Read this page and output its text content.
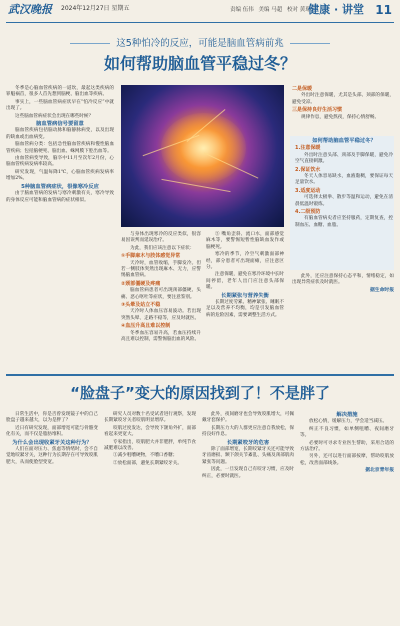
武汉晚报 2024年12月27日 星期五	责编 伍伟 美编 马超 校对 黄璟
健康 · 讲堂 11
这5种怕冷的反应，可能是脑血管病前兆
如何帮助脑血管平稳过冬？

冬季是心脑血管疾病的一道坎，最起这类疾病的罪魁祸首，很多人首先想到脑梗、脑出血等疾病。

事实上，一些脑血管病症状早在“怕冷反应”中就出现了。

这些脑血管病症状会出现在哪些时候？

脑血管病信号要留意

脑血管疾病包括脑动脉和脑静脉病变，以及出现的缺血或出血病变。

脑血管病分类：包括急性脑血管疾病和慢性脑血管疾病；包括脑梗死、脑出血、蛛网膜下腔出血等。

由血管病变导致，脑卒中11月至次年2月份，心脑血管疾病发病率较高。

研究发现，气温每降1℃，心脑血管疾病发病率增加2%。

5种脑血管病症状，很像寒冷反应

由于脑血管病的发病与寒冷刺激有关，寒冷导致的身体反应可能和脑血管病的症状相似。

与身体出现寒冷的反应类似，很容易因误判而延误治疗。

为此，我们应该注意以下症状：

①手脚麻木与肢体感觉异常

天冷时，血管收缩，手脚发冷。但若一侧肢体突然出现麻木、无力，应警惕脑血管病。

②颈部僵硬及疼痛

脑血管病患者可出现颈部僵硬、头痛、恶心呕吐等症状，要注意鉴别。

③头晕及站立不稳

天冷时人体血压容易波动。若出现突然头晕、走路不稳等，应及时就医。

④血压升高且难以控制

冬季血压容易升高，若血压持续升高且难以控制，需警惕脑出血的风险。

⑤ 嘴角歪斜、流口水，面部感觉麻木等，要警惕短暂性脑缺血发作或脑梗死。

寒冷的季节，冷空气刺激面部神经，部分患者可出现面瘫，应注意区分。

注意保暖，避免在寒冷环境中长时间停留，老年人出门应注意头部保暖。

长期紧张与营养失衡

长期过度劳累、精神紧张、睡眠不足以及营养不均衡，均是引发脑血管病的危险因素，需要调整生活方式。

二是保暖

外出时注意保暖，尤其是头部、颈部的保暖，避免受凉。

三是保持良好生活习惯

规律作息，避免熬夜，保持心情舒畅。

如何帮助脑血管平稳过冬？

1.注意保暖

外出时注意头部、颈部及手脚保暖，避免冷空气直接刺激。

2.保证饮水

冬天人体容易缺水，血液黏稠，要保证每天足量饮水。

3.适度运动

可选择太极拳、散步等温和运动，避免在清晨低温时锻炼。

4.二级预防

有脑血管病史者应坚持服药，定期复查，控制血压、血糖、血脂。

此外，还应注意保持心态平和，情绪稳定，如出现异常症状及时就医。

据生命时报

“脸盘子”变大的原因找到了！不是胖了

日常生活中，你是否曾发现镜子中的自己脸盘子越来越大，以为是胖了？

近日有研究发现，面部增宽可能与骨骼变化有关，而不仅是脂肪堆积。

为什么会出现收紧牙关这种行为？

人们在面对压力、焦虑等情绪时，会不自觉地咬紧牙关，这种行为长期存在可导致咬肌肥大，从而使脸型变宽。

研究人员对数十名受试者进行观察，发现长期紧咬牙关者咬肌明显增厚。

咬肌过度发达，会导致下颌角外扩，面部看起来更宽大。

专家指出，咬肌肥大并非肥胖，单纯节食减肥难以改善。

①减少咀嚼硬物，不嚼口香糖；

②放松面部，避免长期紧咬牙关。

此外，夜间磨牙也会导致咬肌增大，可佩戴牙套保护。

长期压力大的人群更应注意自我放松，保持良好作息。

长期紧咬牙的危害

除了面部增宽，长期咬紧牙关还可能导致牙齿磨损、颞下颌关节紊乱、头痛及颈部肌肉紧张等问题。

因此，一旦发现自己有咬牙习惯，应及时纠正，必要时就医。

解决措施

放松心情，缓解压力，学会适当减压。

纠正不良习惯，如单侧咀嚼、夜间磨牙等。

必要时可寻求专业医生帮助，采用合适的方法治疗。

另外，还可以进行面部按摩，帮助咬肌放松，改善面部线条。

据北京青年报
